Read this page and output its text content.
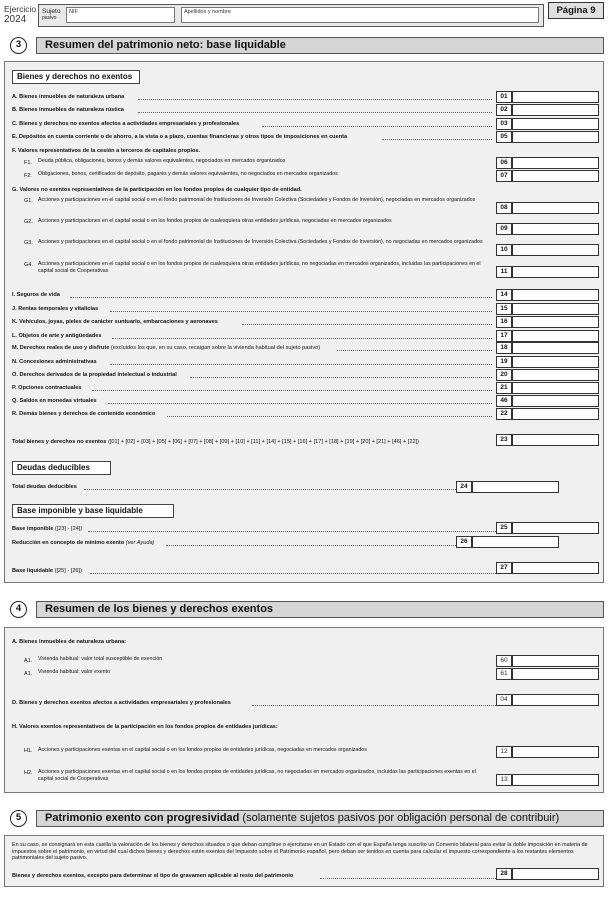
Ejercicio
2024
Sujeto
pasivo
NIF	Apellidos y nombre	Página 9
3	Resumen del patrimonio neto: base liquidable
Bienes y derechos no exentos
A. Bienes inmuebles de naturaleza urbana	01
B. Bienes inmuebles de naturaleza rústica	02
C. Bienes y derechos no exentos afectos a actividades empresariales y profesionales	03
E. Depósitos en cuenta corriente o de ahorro, a la vista o a plazo, cuentas financieras y otros tipos de imposiciones en cuenta	05
F. Valores representativos de la cesión a terceros de capitales propios.
F1. Deuda pública, obligaciones, bonos y demás valores equivalentes, negociados en mercados organizados	06
F2. Obligaciones, bonos, certificados de depósito, pagarés y demás valores equivalentes, no negociados en mercados organizados	07
G. Valores no exentos representativos de la participación en los fondos propios de cualquier tipo de entidad.
G1. Acciones y participaciones en el capital social o en el fondo patrimonial de Instituciones de Inversión Colectiva (Sociedades y Fondos de Inversión), negociadas en mercados organizados
08
G2. Acciones y participaciones en el capital social o en los fondos propios de cualesquiera otras entidades jurídicas, negociadas en mercados organizados
09
G3. Acciones y participaciones en el capital social o en el fondo patrimonial de Instituciones de Inversión Colectiva (Sociedades y Fondos de Inversión), no negociadas en mercados organizados
10
G4. Acciones y participaciones en el capital social o en los fondos propios de cualesquiera otras entidades jurídicas, no negociadas en mercados organizados, incluidas las participaciones en el capital social de Cooperativas	11
I. Seguros de vida	14
J. Rentas temporales y vitalicias	15
K. Vehículos, joyas, pieles de carácter suntuario, embarcaciones y aeronaves	16
L. Objetos de arte y antigüedades	17
M. Derechos reales de uso y disfrute (excluidos los que, en su caso, recaigan sobre la vivienda habitual del sujeto pasivo)	18
N. Concesiones administrativas	19
O. Derechos derivados de la propiedad intelectual o industrial	20
P. Opciones contractuales	21
Q. Saldos en monedas virtuales	46
R. Demás bienes y derechos de contenido económico	22
Total bienes y derechos no exentos ([01] + [02] + [03] + [05] + [06] + [07] + [08] + [09] + [10] + [11] + [14] + [15] + [16] + [17] + [18] + [19] + [20] + [21] + [46] + [22])	23
Deudas deducibles
Total deudas deducibles	24
Base imponible y base liquidable
Base imponible ([23] - [24])	25
Reducción en concepto de mínimo exento (ver Ayuda)	26
Base liquidable ([25] - [26])	27
4	Resumen de los bienes y derechos exentos
A. Bienes inmuebles de naturaleza urbana:
A1. Vivienda habitual: valor total susceptible de exención	60
A1. Vivienda habitual: valor exento	61
D. Bienes y derechos exentos afectos a actividades empresariales y profesionales	04
H. Valores exentos representativos de la participación en los fondos propios de entidades jurídicas:
H1. Acciones y participaciones exentas en el capital social o en los fondos propios de entidades jurídicas, negociadas en mercados organizados	12
H2. Acciones y participaciones exentas en el capital social o en los fondos propios de entidades jurídicas, no negociadas en mercados organizados, incluidas las participaciones exentas en el capital social de Cooperativas	13
5	Patrimonio exento con progresividad (solamente sujetos pasivos por obligación personal de contribuir)
En su caso, se consignará en esta casilla la valoración de los bienes y derechos situados o que deban cumplirse o ejercitarse en un Estado con el que España tenga suscrito un Convenio bilateral para evitar la doble imposición en materia de impuestos sobre el patrimonio, en virtud del cual dichos bienes y derechos estén exentos del Impuesto sobre el Patrimonio español, pero deban ser tenidos en cuenta para calcular el impuesto correspondiente a los restantes elementos patrimoniales del sujeto pasivo.
Bienes y derechos exentos, excepto para determinar el tipo de gravamen aplicable al resto del patrimonio	28
